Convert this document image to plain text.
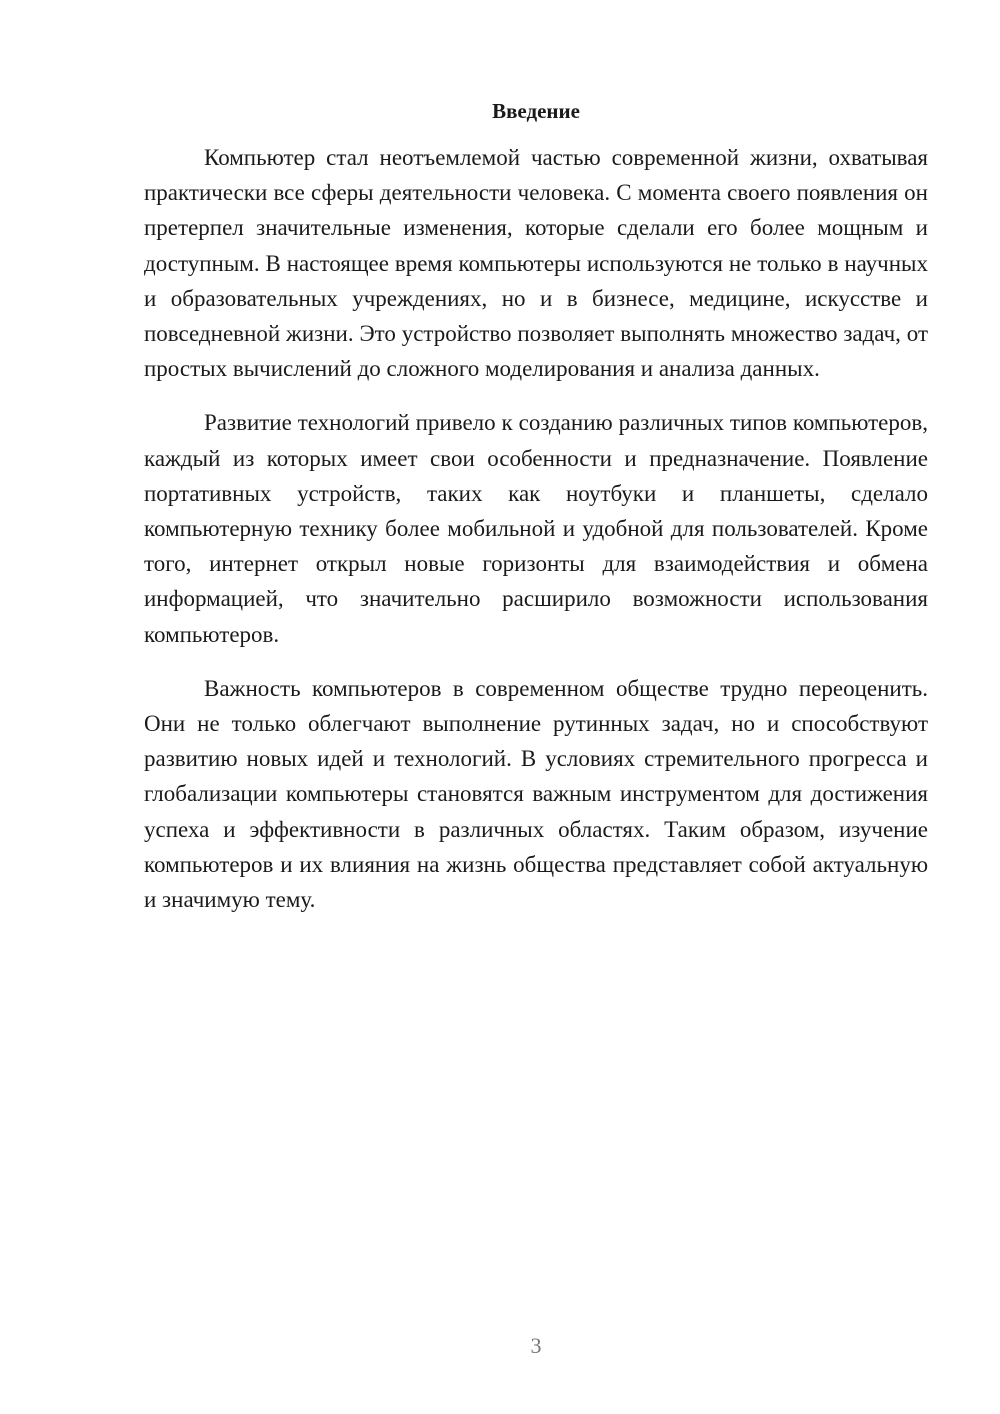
Введение

Компьютер стал неотъемлемой частью современной жизни, охватывая практически все сферы деятельности человека. С момента своего появления он претерпел значительные изменения, которые сделали его более мощным и доступным. В настоящее время компьютеры используются не только в научных и образовательных учреждениях, но и в бизнесе, медицине, искусстве и повседневной жизни. Это устройство позволяет выполнять множество задач, от простых вычислений до сложного моделирования и анализа данных.

Развитие технологий привело к созданию различных типов компьютеров, каждый из которых имеет свои особенности и предназначение. Появление портативных устройств, таких как ноутбуки и планшеты, сделало компьютерную технику более мобильной и удобной для пользователей. Кроме того, интернет открыл новые горизонты для взаимодействия и обмена информацией, что значительно расширило возможности использования компьютеров.

Важность компьютеров в современном обществе трудно переоценить. Они не только облегчают выполнение рутинных задач, но и способствуют развитию новых идей и технологий. В условиях стремительного прогресса и глобализации компьютеры становятся важным инструментом для достижения успеха и эффективности в различных областях. Таким образом, изучение компьютеров и их влияния на жизнь общества представляет собой актуальную и значимую тему.

3
